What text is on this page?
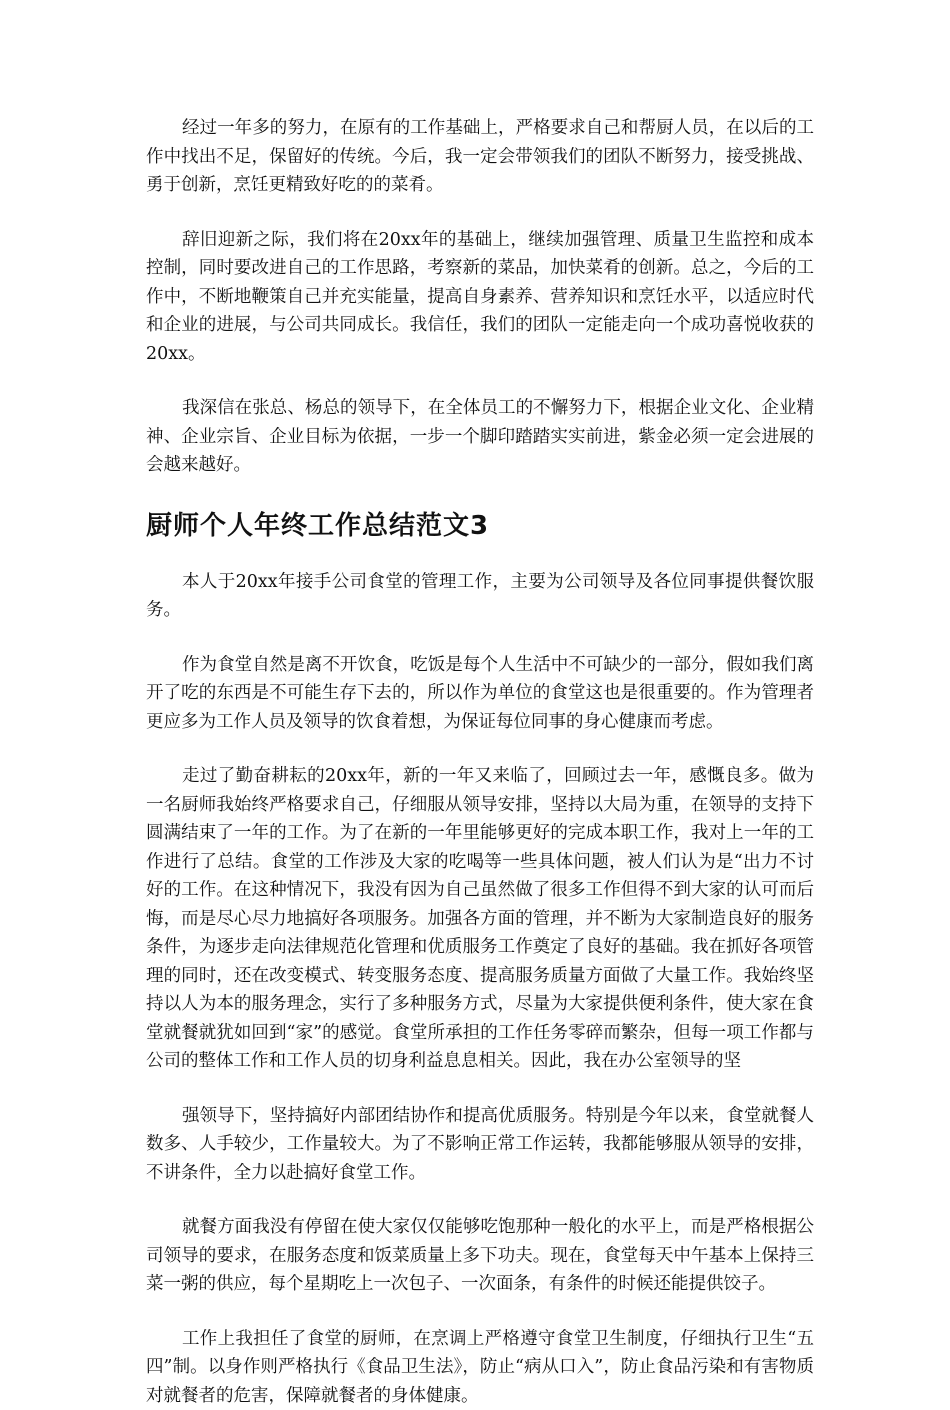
经过一年多的努力，在原有的工作基础上，严格要求自己和帮厨人员，在以后的工作中找出不足，保留好的传统。今后，我一定会带领我们的团队不断努力，接受挑战、勇于创新，烹饪更精致好吃的的菜肴。

辞旧迎新之际，我们将在20xx年的基础上，继续加强管理、质量卫生监控和成本控制，同时要改进自己的工作思路，考察新的菜品，加快菜肴的创新。总之，今后的工作中，不断地鞭策自己并充实能量，提高自身素养、营养知识和烹饪水平，以适应时代和企业的进展，与公司共同成长。我信任，我们的团队一定能走向一个成功喜悦收获的20xx。

我深信在张总、杨总的领导下，在全体员工的不懈努力下，根据企业文化、企业精神、企业宗旨、企业目标为依据，一步一个脚印踏踏实实前进，紫金必须一定会进展的会越来越好。

厨师个人年终工作总结范文3

本人于20xx年接手公司食堂的管理工作，主要为公司领导及各位同事提供餐饮服务。

作为食堂自然是离不开饮食，吃饭是每个人生活中不可缺少的一部分，假如我们离开了吃的东西是不可能生存下去的，所以作为单位的食堂这也是很重要的。作为管理者更应多为工作人员及领导的饮食着想，为保证每位同事的身心健康而考虑。

走过了勤奋耕耘的20xx年，新的一年又来临了，回顾过去一年，感慨良多。做为一名厨师我始终严格要求自己，仔细服从领导安排，坚持以大局为重，在领导的支持下圆满结束了一年的工作。为了在新的一年里能够更好的完成本职工作，我对上一年的工作进行了总结。食堂的工作涉及大家的吃喝等一些具体问题，被人们认为是“出力不讨好的工作。在这种情况下，我没有因为自己虽然做了很多工作但得不到大家的认可而后悔，而是尽心尽力地搞好各项服务。加强各方面的管理，并不断为大家制造良好的服务条件，为逐步走向法律规范化管理和优质服务工作奠定了良好的基础。我在抓好各项管理的同时，还在改变模式、转变服务态度、提高服务质量方面做了大量工作。我始终坚持以人为本的服务理念，实行了多种服务方式，尽量为大家提供便利条件，使大家在食堂就餐就犹如回到“家”的感觉。食堂所承担的工作任务零碎而繁杂，但每一项工作都与公司的整体工作和工作人员的切身利益息息相关。因此，我在办公室领导的坚

强领导下，坚持搞好内部团结协作和提高优质服务。特别是今年以来，食堂就餐人数多、人手较少，工作量较大。为了不影响正常工作运转，我都能够服从领导的安排，不讲条件，全力以赴搞好食堂工作。

就餐方面我没有停留在使大家仅仅能够吃饱那种一般化的水平上，而是严格根据公司领导的要求，在服务态度和饭菜质量上多下功夫。现在，食堂每天中午基本上保持三菜一粥的供应，每个星期吃上一次包子、一次面条，有条件的时候还能提供饺子。

工作上我担任了食堂的厨师，在烹调上严格遵守食堂卫生制度，仔细执行卫生“五四”制。以身作则严格执行《食品卫生法》，防止“病从口入”，防止食品污染和有害物质对就餐者的危害，保障就餐者的身体健康。
